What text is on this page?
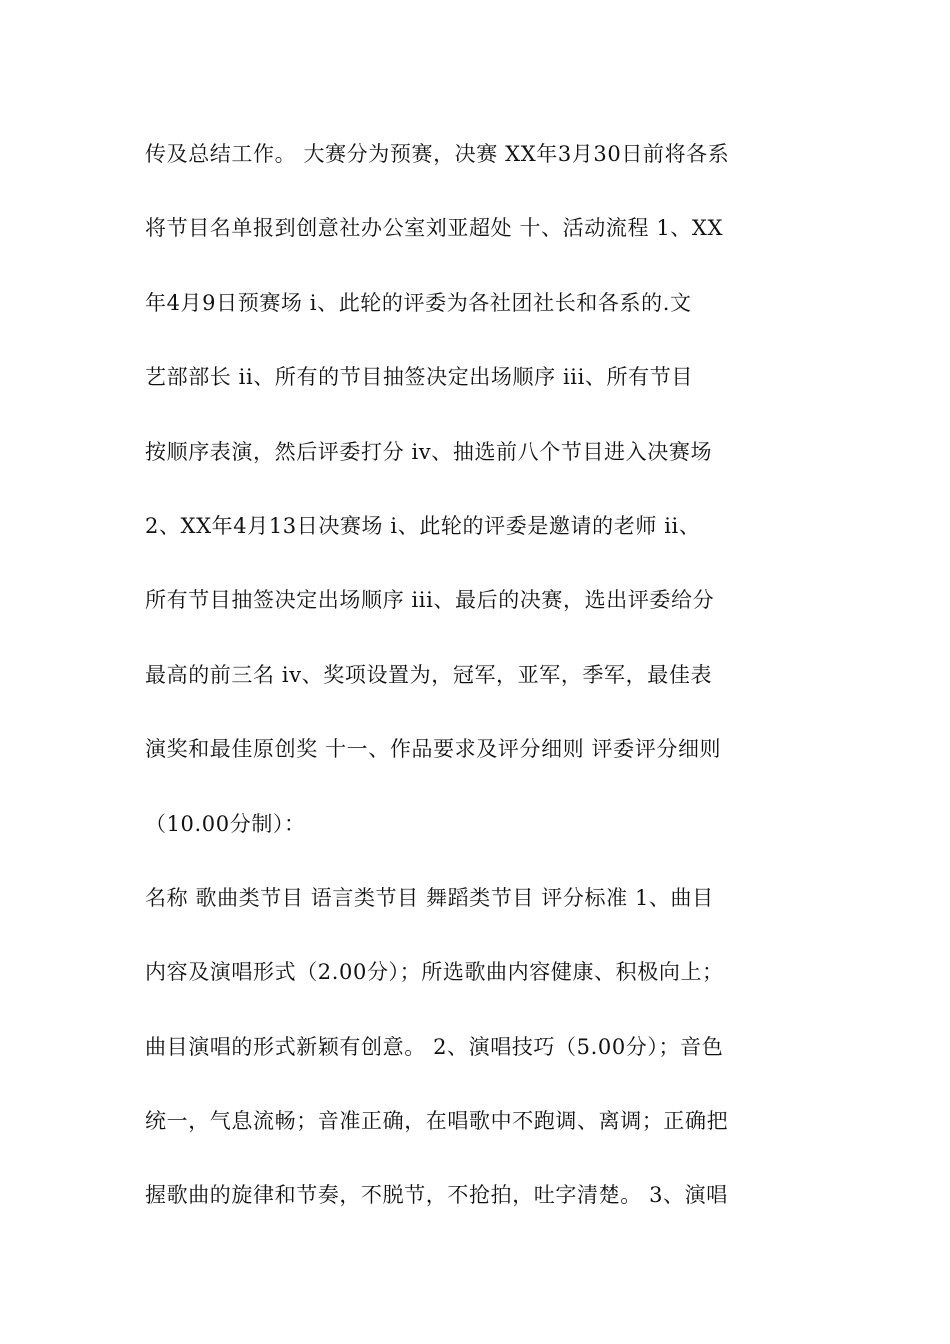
传及总结工作。 大赛分为预赛，决赛 XX年3月30日前将各系
将节目名单报到创意社办公室刘亚超处 十、活动流程 1、XX
年4月9日预赛场 i、此轮的评委为各社团社长和各系的.文
艺部部长 ii、所有的节目抽签决定出场顺序 iii、所有节目
按顺序表演，然后评委打分 iv、抽选前八个节目进入决赛场
2、XX年4月13日决赛场 i、此轮的评委是邀请的老师 ii、
所有节目抽签决定出场顺序 iii、最后的决赛，选出评委给分
最高的前三名 iv、奖项设置为，冠军，亚军，季军，最佳表
演奖和最佳原创奖 十一、作品要求及评分细则 评委评分细则
（10.00分制）：
名称 歌曲类节目 语言类节目 舞蹈类节目 评分标准 1、曲目
内容及演唱形式（2.00分）；所选歌曲内容健康、积极向上；
曲目演唱的形式新颖有创意。 2、演唱技巧（5.00分）；音色
统一，气息流畅；音准正确，在唱歌中不跑调、离调；正确把
握歌曲的旋律和节奏，不脱节，不抢拍，吐字清楚。 3、演唱
